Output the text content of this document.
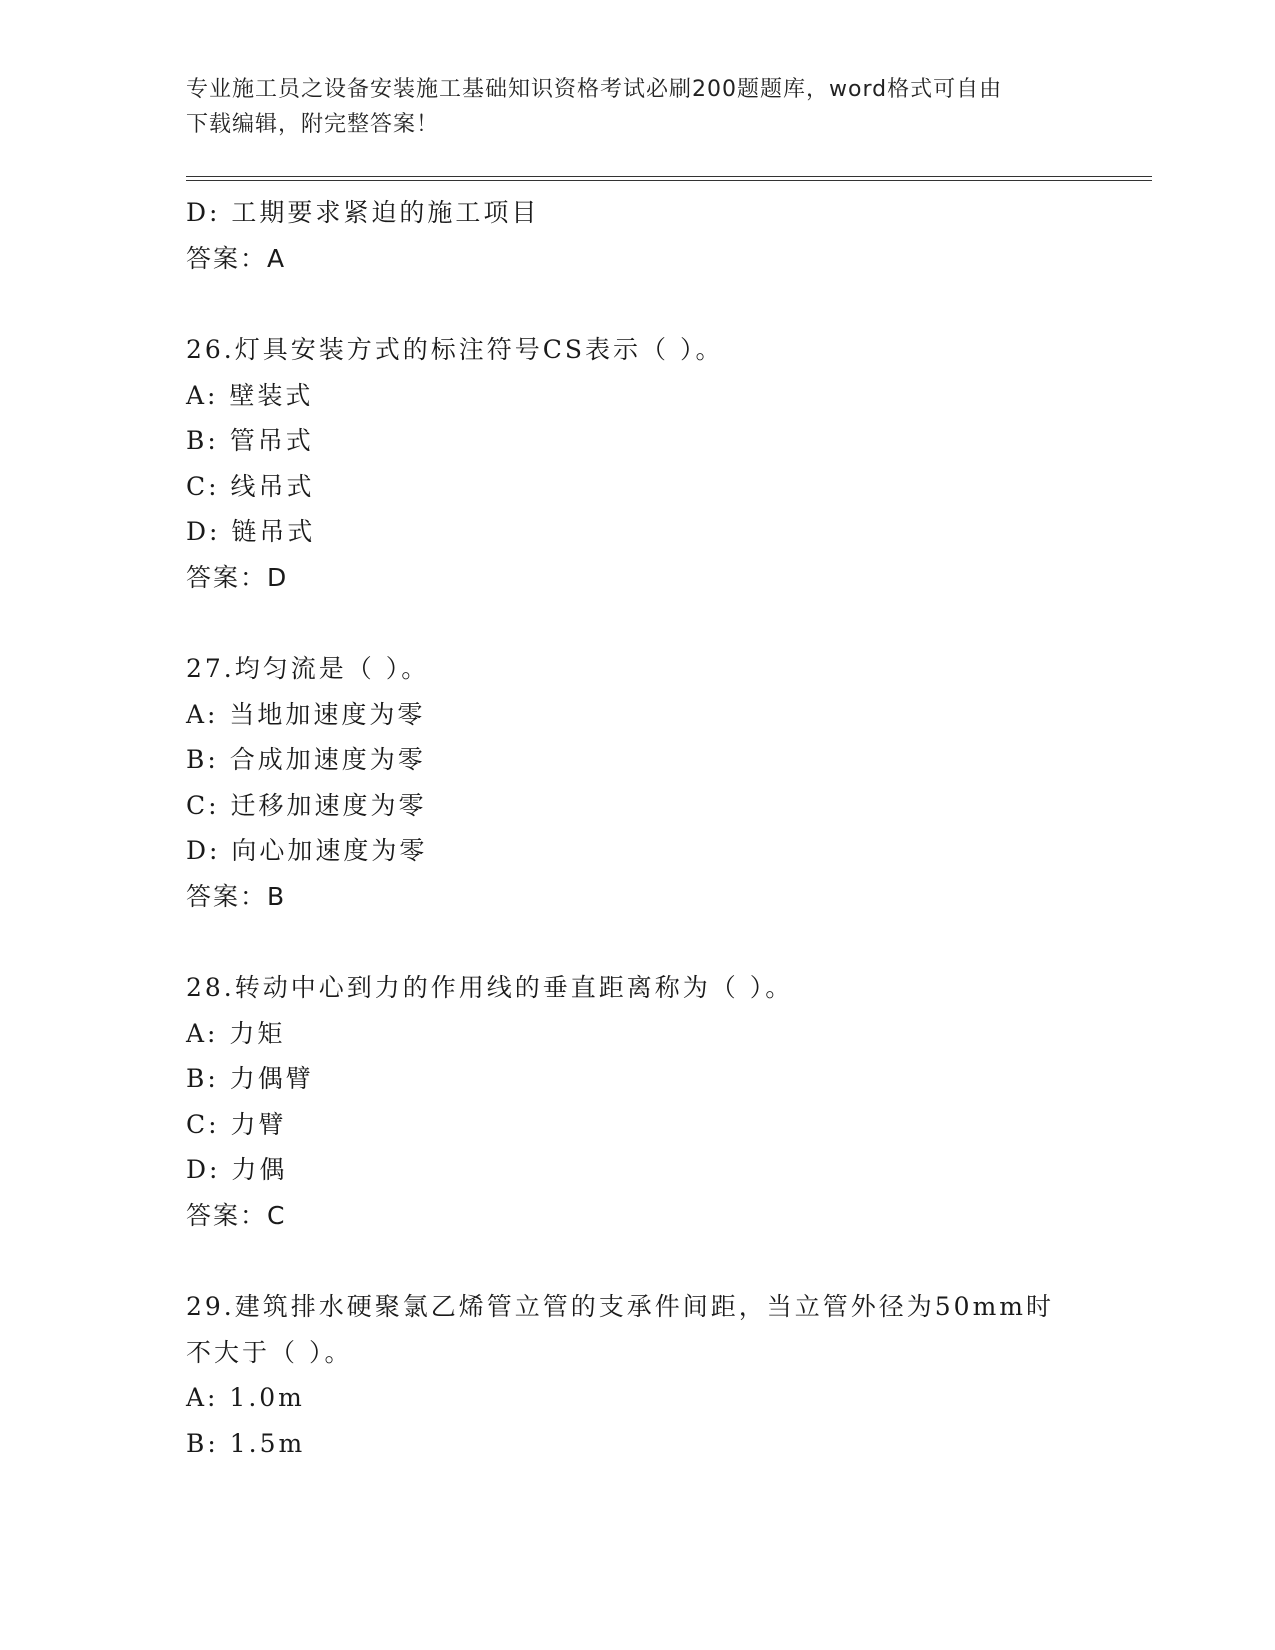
专业施工员之设备安装施工基础知识资格考试必刷200题题库，word格式可自由
下载编辑，附完整答案！
D: 工期要求紧迫的施工项目
答案：A
26.灯具安装方式的标注符号CS表示（ ）。
A: 壁装式
B: 管吊式
C: 线吊式
D: 链吊式
答案：D
27.均匀流是（ ）。
A: 当地加速度为零
B: 合成加速度为零
C: 迁移加速度为零
D: 向心加速度为零
答案：B
28.转动中心到力的作用线的垂直距离称为（ ）。
A: 力矩
B: 力偶臂
C: 力臂
D: 力偶
答案：C
29.建筑排水硬聚氯乙烯管立管的支承件间距，当立管外径为50mm时
不大于（ ）。
A: 1.0m
B: 1.5m
